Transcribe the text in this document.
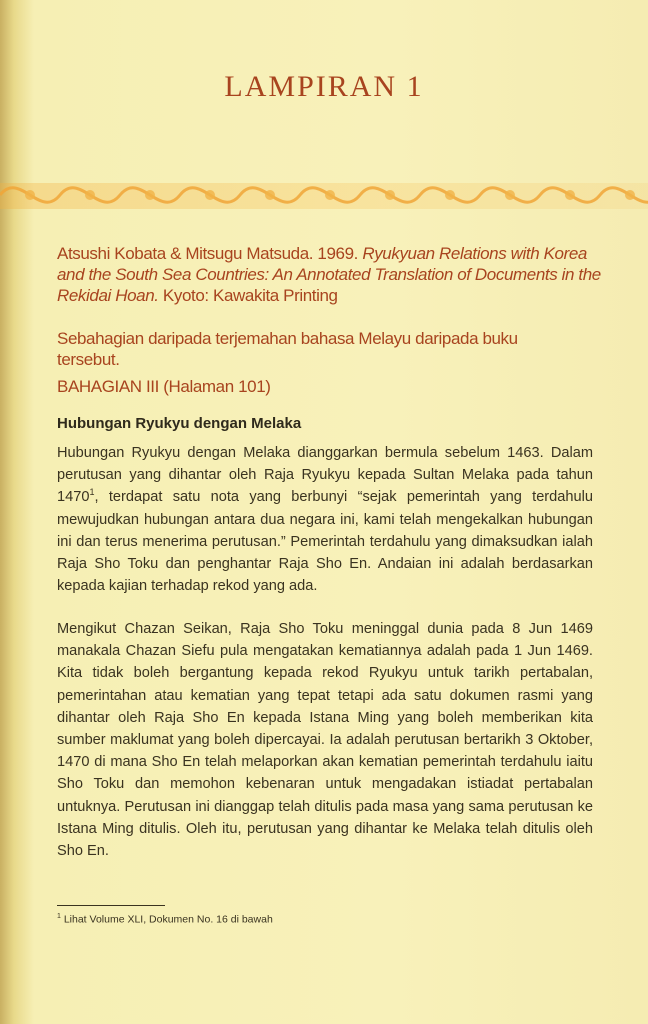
LAMPIRAN 1
Atsushi Kobata & Mitsugu Matsuda. 1969. Ryukyuan Relations with Korea and the South Sea Countries: An Annotated Translation of Documents in the Rekidai Hoan. Kyoto: Kawakita Printing
Sebahagian daripada terjemahan bahasa Melayu daripada buku tersebut.
BAHAGIAN III (Halaman 101)
Hubungan Ryukyu dengan Melaka
Hubungan Ryukyu dengan Melaka dianggarkan bermula sebelum 1463. Dalam perutusan yang dihantar oleh Raja Ryukyu kepada Sultan Melaka pada tahun 1470$^1$, terdapat satu nota yang berbunyi “sejak pemerintah yang terdahulu mewujudkan hubungan antara dua negara ini, kami telah mengekalkan hubungan ini dan terus menerima perutusan.” Pemerintah terdahulu yang dimaksudkan ialah Raja Sho Toku dan penghantar Raja Sho En. Andaian ini adalah berdasarkan kepada kajian terhadap rekod yang ada.
Mengikut Chazan Seikan, Raja Sho Toku meninggal dunia pada 8 Jun 1469 manakala Chazan Siefu pula mengatakan kematiannya adalah pada 1 Jun 1469. Kita tidak boleh bergantung kepada rekod Ryukyu untuk tarikh pertabalan, pemerintahan atau kematian yang tepat tetapi ada satu dokumen rasmi yang dihantar oleh Raja Sho En kepada Istana Ming yang boleh memberikan kita sumber maklumat yang boleh dipercayai. Ia adalah perutusan bertarikh 3 Oktober, 1470 di mana Sho En telah melaporkan akan kematian pemerintah terdahulu iaitu Sho Toku dan memohon kebenaran untuk mengadakan istiadat pertabalan untuknya. Perutusan ini dianggap telah ditulis pada masa yang sama perutusan ke Istana Ming ditulis. Oleh itu, perutusan yang dihantar ke Melaka telah ditulis oleh Sho En.
$^1$ Lihat Volume XLI, Dokumen No. 16 di bawah
